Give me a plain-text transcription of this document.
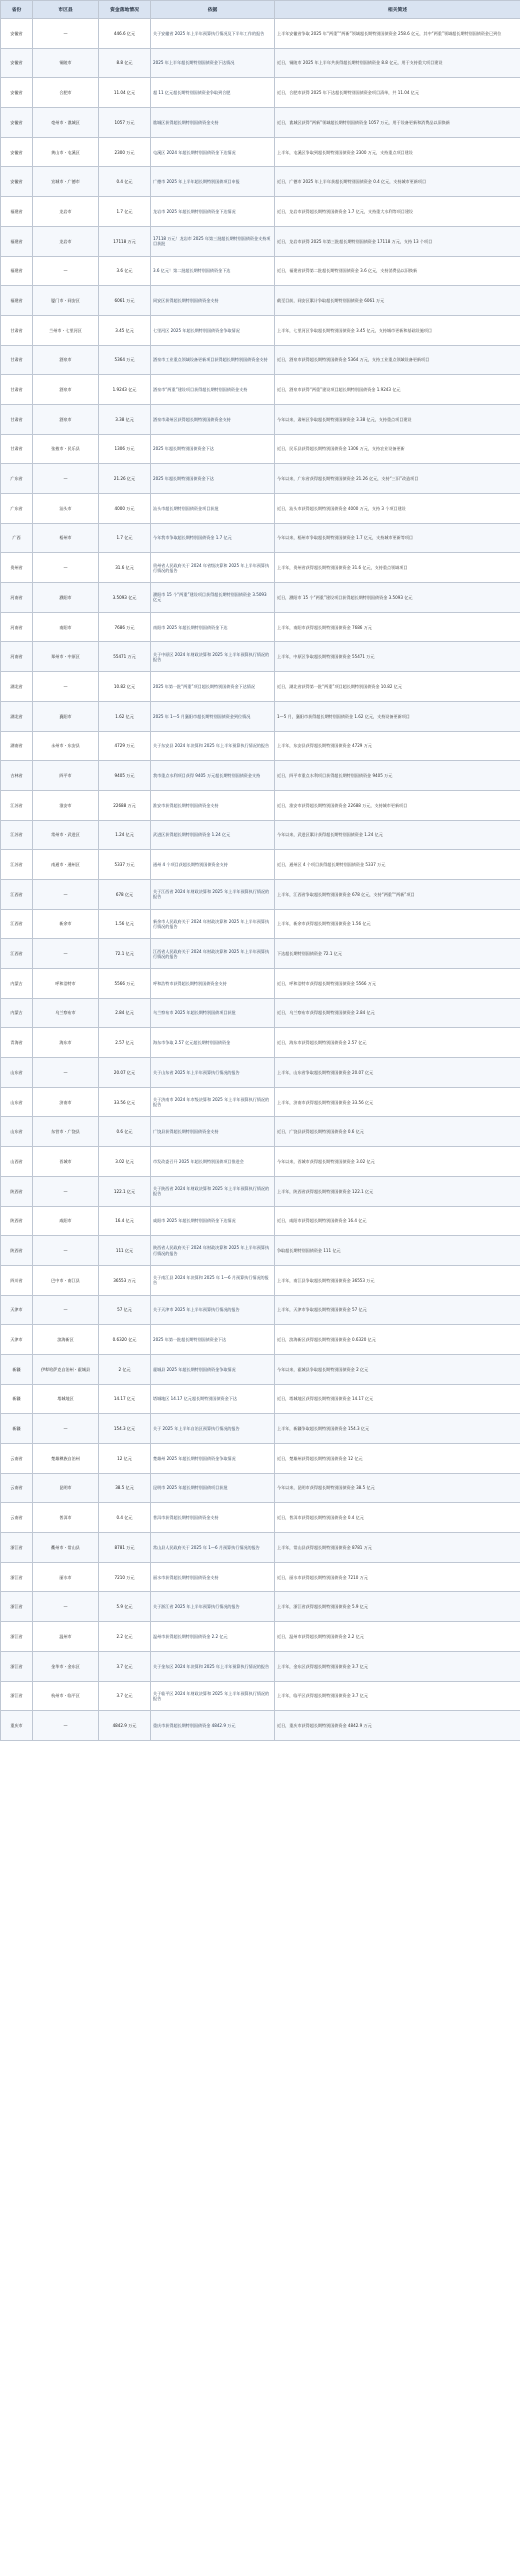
省份	市区县	资金落地情况	依据	相关简述
安徽省	—	446.6 亿元	关于安徽省 2025 年上半年预算执行情况及下半年工作的报告	上半年安徽省争取 2025 年“两重”“两新”领域超长期特别国债资金 258.6 亿元，其中“两重”领域超长期特别国债资金已到位
安徽省	铜陵市	8.8 亿元	2025 年上半年超长期特别国债资金下达情况	近日，铜陵市 2025 年上半年共获得超长期特别国债资金 8.8 亿元，用于支持重大项目建设
安徽省	合肥市	11.04 亿元	超 11 亿元超长期特别国债资金争取到合肥	近日，合肥市获得 2025 年下达超长期特别国债资金项目清单，共 11.04 亿元
安徽省	亳州市・谯城区	1057 万元	谯城区获得超长期特别国债资金支持	近日，谯城区获得“两新”领域超长期特别国债资金 1057 万元，用于设备更新和消费品以旧换新
安徽省	黄山市・屯溪区	2300 万元	屯溪区 2024 年超长期特别国债资金下达情况	上半年，屯溪区争取到超长期特别国债资金 2300 万元，支持重点项目建设
安徽省	宣城市・广德市	0.4 亿元	广德市 2025 年上半年超长期特别国债项目申报	近日，广德市 2025 年上半年获超长期特别国债资金 0.4 亿元，支持城市更新项目
福建省	龙岩市	1.7 亿元	龙岩市 2025 年超长期特别国债资金下达情况	近日，龙岩市获得超长期特别国债资金 1.7 亿元，支持重大水利等项目建设
福建省	龙岩市	17118 万元	17118 万元！龙岩市 2025 年第三批超长期特别国债资金支持项目获批	近日，龙岩市获得 2025 年第三批超长期特别国债资金 17118 万元，支持 13 个项目
福建省	—	3.6 亿元	3.6 亿元！第二批超长期特别国债资金下达	近日，福建省获得第二批超长期特别国债资金 3.6 亿元，支持消费品以旧换新
福建省	厦门市・同安区	6061 万元	同安区获得超长期特别国债资金支持	截至目前，同安区累计争取超长期特别国债资金 6061 万元
甘肃省	兰州市・七里河区	3.45 亿元	七里河区 2025 年超长期特别国债资金争取情况	上半年，七里河区争取超长期特别国债资金 3.45 亿元，支持城市更新和基础设施项目
甘肃省	酒泉市	5364 万元	酒泉市工业重点领域设备更新项目获得超长期特别国债资金支持	近日，酒泉市获得超长期特别国债资金 5364 万元，支持工业重点领域设备更新项目
甘肃省	酒泉市	1.9243 亿元	酒泉市“两重”建设项目获得超长期特别国债资金支持	近日，酒泉市获得“两重”建设项目超长期特别国债资金 1.9243 亿元
甘肃省	酒泉市	3.38 亿元	酒泉市肃州区获得超长期特别国债资金支持	今年以来，肃州区争取超长期特别国债资金 3.38 亿元，支持重点项目建设
甘肃省	张掖市・民乐县	1306 万元	2025 年超长期特别国债资金下达	近日，民乐县获得超长期特别国债资金 1306 万元，支持农业设备更新
广东省	—	21.26 亿元	2025 年超长期特别国债资金下达	今年以来，广东省获得超长期特别国债资金 21.26 亿元，支持“三旧”改造项目
广东省	汕头市	4000 万元	汕头市超长期特别国债资金项目获批	近日，汕头市获得超长期特别国债资金 4000 万元，支持 3 个项目建设
广西	梧州市	1.7 亿元	今年我市争取超长期特别国债资金 1.7 亿元	今年以来，梧州市争取超长期特别国债资金 1.7 亿元，支持城市更新等项目
贵州省	—	31.6 亿元	贵州省人民政府关于 2024 年省级决算和 2025 年上半年预算执行情况的报告	上半年，贵州省获得超长期特别国债资金 31.6 亿元，支持重点领域项目
河南省	濮阳市	3.5093 亿元	濮阳市 15 个“两重”建设项目获得超长期特别国债资金 3.5093 亿元	近日，濮阳市 15 个“两重”建设项目获得超长期特别国债资金 3.5093 亿元
河南省	南阳市	7686 万元	南阳市 2025 年超长期特别国债资金下达	上半年，南阳市获得超长期特别国债资金 7686 万元
河南省	郑州市・中原区	55471 万元	关于中原区 2024 年财政决算和 2025 年上半年预算执行情况的报告	上半年，中原区争取超长期特别国债资金 55471 万元
湖北省	—	10.82 亿元	2025 年第一批“两重”项目超长期特别国债资金下达情况	近日，湖北省获得第一批“两重”项目超长期特别国债资金 10.82 亿元
湖北省	襄阳市	1.62 亿元	2025 年 1—5 月襄阳市超长期特别国债资金到位情况	1—5 月，襄阳市获得超长期特别国债资金 1.62 亿元，支持设备更新项目
湖南省	永州市・东安县	4729 万元	关于东安县 2024 年决算和 2025 年上半年预算执行情况的报告	上半年，东安县获得超长期特别国债资金 4729 万元
吉林省	四平市	9405 万元	我市重点水利项目获得 9405 万元超长期特别国债资金支持	近日，四平市重点水利项目获得超长期特别国债资金 9405 万元
江苏省	淮安市	22688 万元	淮安市获得超长期特别国债资金支持	近日，淮安市获得超长期特别国债资金 22688 万元，支持城市更新项目
江苏省	常州市・武进区	1.24 亿元	武进区获得超长期特别国债资金 1.24 亿元	今年以来，武进区累计获得超长期特别国债资金 1.24 亿元
江苏省	南通市・通州区	5337 万元	通州 4 个项目获超长期特别国债资金支持	近日，通州区 4 个项目获得超长期特别国债资金 5337 万元
江西省	—	678 亿元	关于江西省 2024 年财政决算和 2025 年上半年预算执行情况的报告	上半年，江西省争取超长期特别国债资金 678 亿元，支持“两重”“两新”项目
江西省	新余市	1.56 亿元	新余市人民政府关于 2024 年财政决算和 2025 年上半年预算执行情况的报告	上半年，新余市获得超长期特别国债资金 1.56 亿元
江西省	—	72.1 亿元	江西省人民政府关于 2024 年财政决算和 2025 年上半年预算执行情况的报告	下达超长期特别国债资金 72.1 亿元
内蒙古	呼和浩特市	5566 万元	呼和浩特市获得超长期特别国债资金支持	近日，呼和浩特市获得超长期特别国债资金 5566 万元
内蒙古	乌兰察布市	2.84 亿元	乌兰察布市 2025 年超长期特别国债项目获批	近日，乌兰察布市获得超长期特别国债资金 2.84 亿元
青海省	海东市	2.57 亿元	海东市争取 2.57 亿元超长期特别国债资金	近日，海东市获得超长期特别国债资金 2.57 亿元
山东省	—	20.07 亿元	关于山东省 2025 年上半年预算执行情况的报告	上半年，山东省争取超长期特别国债资金 20.07 亿元
山东省	济南市	33.56 亿元	关于济南市 2024 年市级决算和 2025 年上半年预算执行情况的报告	上半年，济南市获得超长期特别国债资金 33.56 亿元
山东省	东营市・广饶县	0.6 亿元	广饶县获得超长期特别国债资金支持	近日，广饶县获得超长期特别国债资金 0.6 亿元
山西省	晋城市	3.02 亿元	市发改委召开 2025 年超长期特别国债项目推进会	今年以来，晋城市获得超长期特别国债资金 3.02 亿元
陕西省	—	122.1 亿元	关于陕西省 2024 年财政决算和 2025 年上半年预算执行情况的报告	上半年，陕西省获得超长期特别国债资金 122.1 亿元
陕西省	咸阳市	16.4 亿元	咸阳市 2025 年超长期特别国债资金下达情况	近日，咸阳市获得超长期特别国债资金 16.4 亿元
陕西省	—	111 亿元	陕西省人民政府关于 2024 年财政决算和 2025 年上半年预算执行情况的报告	争取超长期特别国债资金 111 亿元
四川省	巴中市・南江县	36553 万元	关于南江县 2024 年决算和 2025 年 1—6 月预算执行情况的报告	上半年，南江县争取超长期特别国债资金 36553 万元
天津市	—	57 亿元	关于天津市 2025 年上半年预算执行情况的报告	上半年，天津市争取超长期特别国债资金 57 亿元
天津市	滨海新区	0.6320 亿元	2025 年第一批超长期特别国债资金下达	近日，滨海新区获得超长期特别国债资金 0.6320 亿元
新疆	伊犁哈萨克自治州・霍城县	2 亿元	霍城县 2025 年超长期特别国债资金争取情况	今年以来，霍城县争取超长期特别国债资金 2 亿元
新疆	塔城地区	14.17 亿元	塔城地区 14.17 亿元超长期特别国债资金下达	近日，塔城地区获得超长期特别国债资金 14.17 亿元
新疆	—	154.3 亿元	关于 2025 年上半年自治区预算执行情况的报告	上半年，新疆争取超长期特别国债资金 154.3 亿元
云南省	楚雄彝族自治州	12 亿元	楚雄州 2025 年超长期特别国债资金争取情况	近日，楚雄州获得超长期特别国债资金 12 亿元
云南省	昆明市	38.5 亿元	昆明市 2025 年超长期特别国债项目获批	今年以来，昆明市获得超长期特别国债资金 38.5 亿元
云南省	普洱市	0.4 亿元	普洱市获得超长期特别国债资金支持	近日，普洱市获得超长期特别国债资金 0.4 亿元
浙江省	衢州市・常山县	8781 万元	常山县人民政府关于 2025 年 1—6 月预算执行情况的报告	上半年，常山县获得超长期特别国债资金 8781 万元
浙江省	丽水市	7210 万元	丽水市获得超长期特别国债资金支持	近日，丽水市获得超长期特别国债资金 7210 万元
浙江省	—	5.9 亿元	关于浙江省 2025 年上半年预算执行情况的报告	上半年，浙江省获得超长期特别国债资金 5.9 亿元
浙江省	温州市	2.2 亿元	温州市获得超长期特别国债资金 2.2 亿元	近日，温州市获得超长期特别国债资金 2.2 亿元
浙江省	金华市・金东区	3.7 亿元	关于金东区 2024 年决算和 2025 年上半年预算执行情况的报告	上半年，金东区获得超长期特别国债资金 3.7 亿元
浙江省	杭州市・临平区	3.7 亿元	关于临平区 2024 年财政决算和 2025 年上半年预算执行情况的报告	上半年，临平区获得超长期特别国债资金 3.7 亿元
重庆市	—	4842.9 万元	重庆市获得超长期特别国债资金 4842.9 万元	近日，重庆市获得超长期特别国债资金 4842.9 万元
